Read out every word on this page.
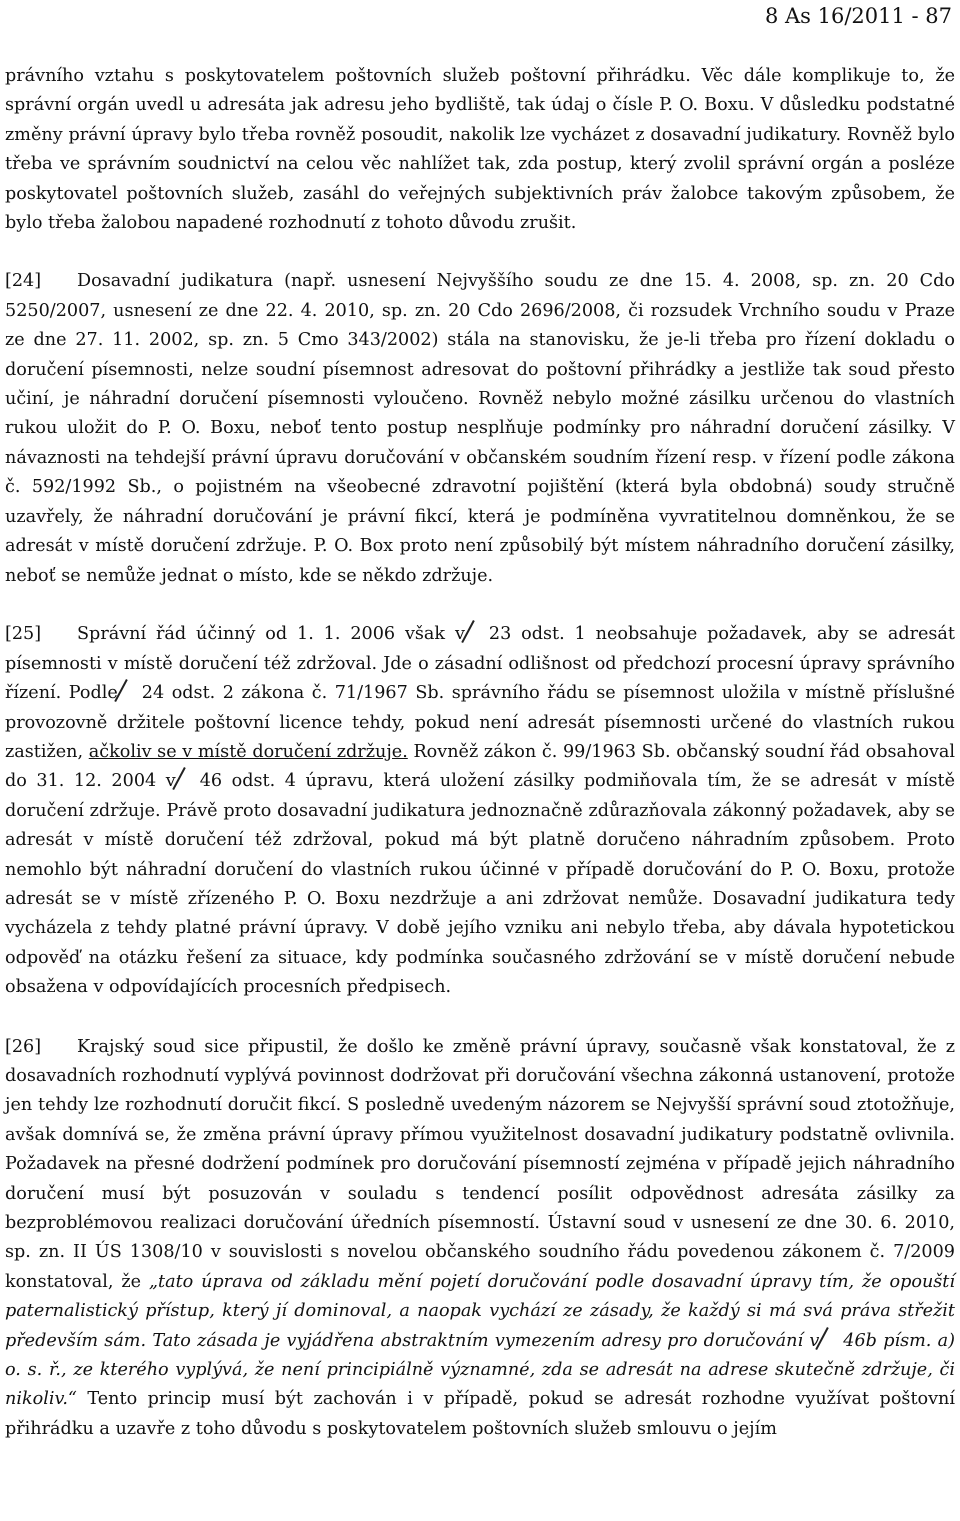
8 As 16/2011 - 87

právního vztahu s poskytovatelem poštovních služeb poštovní přihrádku. Věc dále komplikuje to, že správní orgán uvedl u adresáta jak adresu jeho bydliště, tak údaj o čísle P. O. Boxu. V důsledku podstatné změny právní úpravy bylo třeba rovněž posoudit, nakolik lze vycházet z dosavadní judikatury. Rovněž bylo třeba ve správním soudnictví na celou věc nahlížet tak, zda postup, který zvolil správní orgán a posléze poskytovatel poštovních služeb, zasáhl do veřejných subjektivních práv žalobce takovým způsobem, že bylo třeba žalobou napadené rozhodnutí z tohoto důvodu zrušit.

[24] Dosavadní judikatura (např. usnesení Nejvyššího soudu ze dne 15. 4. 2008, sp. zn. 20 Cdo 5250/2007, usnesení ze dne 22. 4. 2010, sp. zn. 20 Cdo 2696/2008, či rozsudek Vrchního soudu v Praze ze dne 27. 11. 2002, sp. zn. 5 Cmo 343/2002) stála na stanovisku, že je-li třeba pro řízení dokladu o doručení písemnosti, nelze soudní písemnost adresovat do poštovní přihrádky a jestliže tak soud přesto učiní, je náhradní doručení písemnosti vyloučeno. Rovněž nebylo možné zásilku určenou do vlastních rukou uložit do P. O. Boxu, neboť tento postup nesplňuje podmínky pro náhradní doručení zásilky. V návaznosti na tehdejší právní úpravu doručování v občanském soudním řízení resp. v řízení podle zákona č. 592/1992 Sb., o pojistném na všeobecné zdravotní pojištění (která byla obdobná) soudy stručně uzavřely, že náhradní doručování je právní fikcí, která je podmíněna vyvratitelnou domněnkou, že se adresát v místě doručení zdržuje. P. O. Box proto není způsobilý být místem náhradního doručení zásilky, neboť se nemůže jednat o místo, kde se někdo zdržuje.

[25] Správní řád účinný od 1. 1. 2006 však v 23 odst. 1 neobsahuje požadavek, aby se adresát písemnosti v místě doručení též zdržoval. Jde o zásadní odlišnost od předchozí procesní úpravy správního řízení. Podle 24 odst. 2 zákona č. 71/1967 Sb. správního řádu se písemnost uložila v místně příslušné provozovně držitele poštovní licence tehdy, pokud není adresát písemnosti určené do vlastních rukou zastižen, ačkoliv se v místě doručení zdržuje. Rovněž zákon č. 99/1963 Sb. občanský soudní řád obsahoval do 31. 12. 2004 v 46 odst. 4 úpravu, která uložení zásilky podmiňovala tím, že se adresát v místě doručení zdržuje. Právě proto dosavadní judikatura jednoznačně zdůrazňovala zákonný požadavek, aby se adresát v místě doručení též zdržoval, pokud má být platně doručeno náhradním způsobem. Proto nemohlo být náhradní doručení do vlastních rukou účinné v případě doručování do P. O. Boxu, protože adresát se v místě zřízeného P. O. Boxu nezdržuje a ani zdržovat nemůže. Dosavadní judikatura tedy vycházela z tehdy platné právní úpravy. V době jejího vzniku ani nebylo třeba, aby dávala hypotetickou odpověď na otázku řešení za situace, kdy podmínka současného zdržování se v místě doručení nebude obsažena v odpovídajících procesních předpisech.

[26] Krajský soud sice připustil, že došlo ke změně právní úpravy, současně však konstatoval, že z dosavadních rozhodnutí vyplývá povinnost dodržovat při doručování všechna zákonná ustanovení, protože jen tehdy lze rozhodnutí doručit fikcí. S posledně uvedeným názorem se Nejvyšší správní soud ztotožňuje, avšak domnívá se, že změna právní úpravy přímou využitelnost dosavadní judikatury podstatně ovlivnila. Požadavek na přesné dodržení podmínek pro doručování písemností zejména v případě jejich náhradního doručení musí být posuzován v souladu s tendencí posílit odpovědnost adresáta zásilky za bezproblémovou realizaci doručování úředních písemností. Ústavní soud v usnesení ze dne 30. 6. 2010, sp. zn. II ÚS 1308/10 v souvislosti s novelou občanského soudního řádu povedenou zákonem č. 7/2009 konstatoval, že „tato úprava od základu mění pojetí doručování podle dosavadní úpravy tím, že opouští paternalistický přístup, který jí dominoval, a naopak vychází ze zásady, že každý si má svá práva střežit především sám. Tato zásada je vyjádřena abstraktním vymezením adresy pro doručování v 46b písm. a) o. s. ř., ze kterého vyplývá, že není principiálně významné, zda se adresát na adrese skutečně zdržuje, či nikoliv.“ Tento princip musí být zachován i v případě, pokud se adresát rozhodne využívat poštovní přihrádku a uzavře z toho důvodu s poskytovatelem poštovních služeb smlouvu o jejím
